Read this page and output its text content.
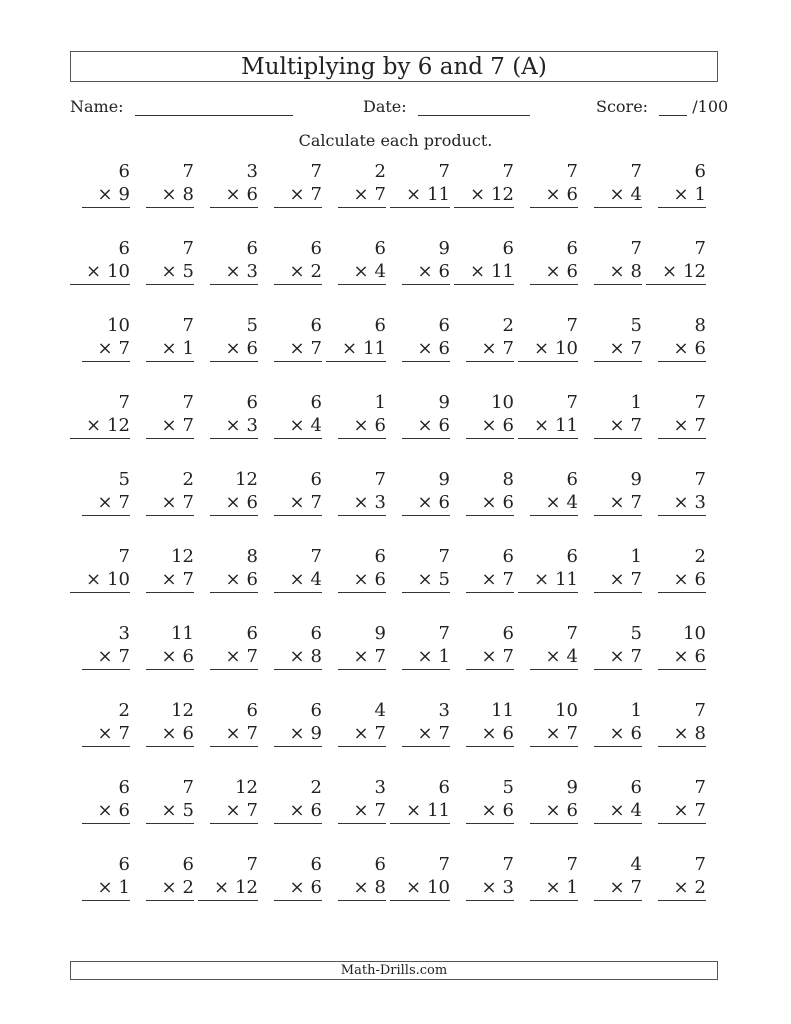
Multiplying by 6 and 7 (A)
Name:	Date:	Score:	/100
Calculate each product.
6
× 9
7
× 8
3
× 6
7
× 7
2
× 7
7
× 11
7
× 12
7
× 6
7
× 4
6
× 1
6
× 10
7
× 5
6
× 3
6
× 2
6
× 4
9
× 6
6
× 11
6
× 6
7
× 8
7
× 12
10
× 7
7
× 1
5
× 6
6
× 7
6
× 11
6
× 6
2
× 7
7
× 10
5
× 7
8
× 6
7
× 12
7
× 7
6
× 3
6
× 4
1
× 6
9
× 6
10
× 6
7
× 11
1
× 7
7
× 7
5
× 7
2
× 7
12
× 6
6
× 7
7
× 3
9
× 6
8
× 6
6
× 4
9
× 7
7
× 3
7
× 10
12
× 7
8
× 6
7
× 4
6
× 6
7
× 5
6
× 7
6
× 11
1
× 7
2
× 6
3
× 7
11
× 6
6
× 7
6
× 8
9
× 7
7
× 1
6
× 7
7
× 4
5
× 7
10
× 6
2
× 7
12
× 6
6
× 7
6
× 9
4
× 7
3
× 7
11
× 6
10
× 7
1
× 6
7
× 8
6
× 6
7
× 5
12
× 7
2
× 6
3
× 7
6
× 11
5
× 6
9
× 6
6
× 4
7
× 7
6
× 1
6
× 2
7
× 12
6
× 6
6
× 8
7
× 10
7
× 3
7
× 1
4
× 7
7
× 2
Math-Drills.com
